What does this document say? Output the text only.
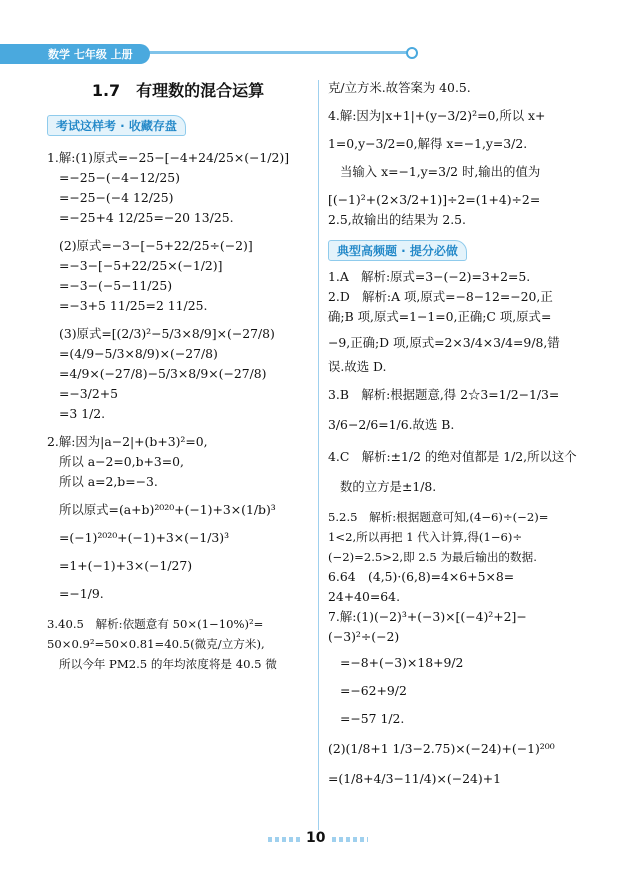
数学 七年级 上册
1.7　有理数的混合运算
考试这样考 · 收藏存盘
1.解:(1)原式=−25−[−4+24/25×(−1/2)]
=−25−(−4−12/25)
=−25−(−4 12/25)
=−25+4 12/25=−20 13/25.
(2)原式=−3−[−5+22/25÷(−2)]
=−3−[−5+22/25×(−1/2)]
=−3−(−5−11/25)
=−3+5 11/25=2 11/25.
(3)原式=[(2/3)²−5/3×8/9]×(−27/8)
=(4/9−5/3×8/9)×(−27/8)
=4/9×(−27/8)−5/3×8/9×(−27/8)
=−3/2+5
=3 1/2.
2.解:因为|a−2|+(b+3)²=0,
所以 a−2=0,b+3=0,
所以 a=2,b=−3.
所以原式=(a+b)²⁰²⁰+(−1)+3×(1/b)³
=(−1)²⁰²⁰+(−1)+3×(−1/3)³
=1+(−1)+3×(−1/27)
=−1/9.
3.40.5　解析:依题意有 50×(1−10%)²=
50×0.9²=50×0.81=40.5(微克/立方米),
所以今年 PM2.5 的年均浓度将是 40.5 微
克/立方米.故答案为 40.5.
4.解:因为|x+1|+(y−3/2)²=0,所以 x+
1=0,y−3/2=0,解得 x=−1,y=3/2.
当输入 x=−1,y=3/2 时,输出的值为
[(−1)²+(2×3/2+1)]÷2=(1+4)÷2=
2.5,故输出的结果为 2.5.
典型高频题 · 提分必做
1.A　解析:原式=3−(−2)=3+2=5.
2.D　解析:A 项,原式=−8−12=−20,正
确;B 项,原式=1−1=0,正确;C 项,原式=
−9,正确;D 项,原式=2×3/4×3/4=9/8,错
误.故选 D.
3.B　解析:根据题意,得 2☆3=1/2−1/3=
3/6−2/6=1/6.故选 B.
4.C　解析:±1/2 的绝对值都是 1/2,所以这个
数的立方是±1/8.
5.2.5　解析:根据题意可知,(4−6)÷(−2)=
1<2,所以再把 1 代入计算,得(1−6)÷
(−2)=2.5>2,即 2.5 为最后输出的数据.
6.64　(4,5)·(6,8)=4×6+5×8=
24+40=64.
7.解:(1)(−2)³+(−3)×[(−4)²+2]−
(−3)²÷(−2)
=−8+(−3)×18+9/2
=−62+9/2
=−57 1/2.
(2)(1/8+1 1/3−2.75)×(−24)+(−1)²⁰⁰
=(1/8+4/3−11/4)×(−24)+1
10
